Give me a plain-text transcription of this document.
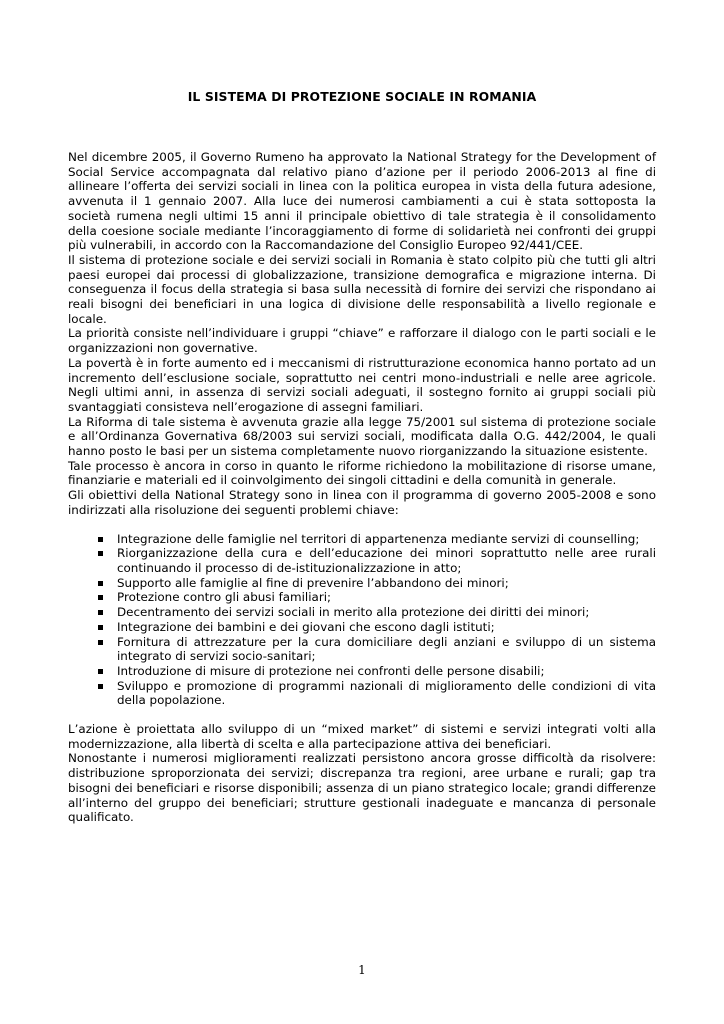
IL SISTEMA DI PROTEZIONE SOCIALE IN ROMANIA

Nel dicembre 2005, il Governo Rumeno ha approvato la National Strategy for the Development of Social Service accompagnata dal relativo piano d’azione per il periodo 2006-2013 al fine di allineare l’offerta dei servizi sociali in linea con la politica europea in vista della futura adesione, avvenuta il 1 gennaio 2007. Alla luce dei numerosi cambiamenti a cui è stata sottoposta la società rumena negli ultimi 15 anni il principale obiettivo di tale strategia è il consolidamento della coesione sociale mediante l’incoraggiamento di forme di solidarietà nei confronti dei gruppi più vulnerabili, in accordo con la Raccomandazione del Consiglio Europeo 92/441/CEE.

Il sistema di protezione sociale e dei servizi sociali in Romania è stato colpito più che tutti gli altri paesi europei dai processi di globalizzazione, transizione demografica e migrazione interna. Di conseguenza il focus della strategia si basa sulla necessità di fornire dei servizi che rispondano ai reali bisogni dei beneficiari in una logica di divisione delle responsabilità a livello regionale e locale.

La priorità consiste nell’individuare i gruppi “chiave” e rafforzare il dialogo con le parti sociali e le organizzazioni non governative.

La povertà è in forte aumento ed i meccanismi di ristrutturazione economica hanno portato ad un incremento dell’esclusione sociale, soprattutto nei centri mono-industriali e nelle aree agricole. Negli ultimi anni, in assenza di servizi sociali adeguati, il sostegno fornito ai gruppi sociali più svantaggiati consisteva nell’erogazione di assegni familiari.

La Riforma di tale sistema è avvenuta grazie alla legge 75/2001 sul sistema di protezione sociale e all’Ordinanza Governativa 68/2003 sui servizi sociali, modificata dalla O.G. 442/2004, le quali hanno posto le basi per un sistema completamente nuovo riorganizzando la situazione esistente.

Tale processo è ancora in corso in quanto le riforme richiedono la mobilitazione di risorse umane, finanziarie e materiali ed il coinvolgimento dei singoli cittadini e della comunità in generale.

Gli obiettivi della National Strategy sono in linea con il programma di governo 2005-2008 e sono indirizzati alla risoluzione dei seguenti problemi chiave:

Integrazione delle famiglie nel territori di appartenenza mediante servizi di counselling;
Riorganizzazione della cura e dell’educazione dei minori soprattutto nelle aree rurali continuando il processo di de-istituzionalizzazione in atto;
Supporto alle famiglie al fine di prevenire l’abbandono dei minori;
Protezione contro gli abusi familiari;
Decentramento dei servizi sociali in merito alla protezione dei diritti dei minori;
Integrazione dei bambini e dei giovani che escono dagli istituti;
Fornitura di attrezzature per la cura domiciliare degli anziani e sviluppo di un sistema integrato di servizi socio-sanitari;
Introduzione di misure di protezione nei confronti delle persone disabili;
Sviluppo e promozione di programmi nazionali di miglioramento delle condizioni di vita della popolazione.

L’azione è proiettata allo sviluppo di un “mixed market” di sistemi e servizi integrati volti alla modernizzazione, alla libertà di scelta e alla partecipazione attiva dei beneficiari.

Nonostante i numerosi miglioramenti realizzati persistono ancora grosse difficoltà da risolvere: distribuzione sproporzionata dei servizi; discrepanza tra regioni, aree urbane e rurali; gap tra bisogni dei beneficiari e risorse disponibili; assenza di un piano strategico locale; grandi differenze all’interno del gruppo dei beneficiari; strutture gestionali inadeguate e mancanza di personale qualificato.

1
